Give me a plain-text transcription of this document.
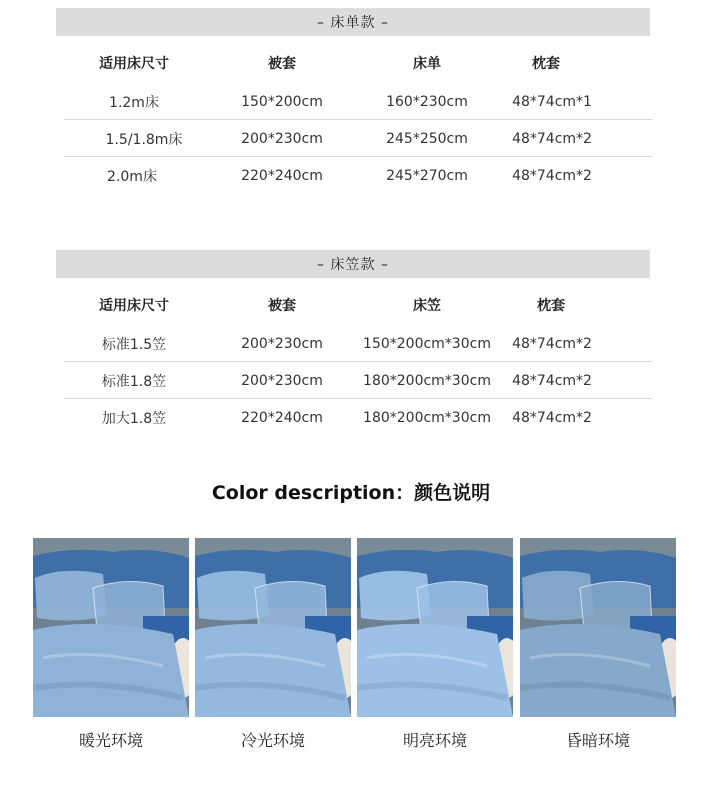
– 床单款 –
适用床尺寸	被套	床单	枕套
1.2m床	150*200cm	160*230cm	48*74cm*1
1.5/1.8m床	200*230cm	245*250cm	48*74cm*2
2.0m床	220*240cm	245*270cm	48*74cm*2
– 床笠款 –
适用床尺寸	被套	床笠	枕套
标准1.5笠	200*230cm	150*200cm*30cm 48*74cm*2
标准1.8笠	200*230cm	180*200cm*30cm 48*74cm*2
加大1.8笠	220*240cm	180*200cm*30cm 48*74cm*2
Color description：颜色说明
暖光环境	冷光环境	明亮环境	昏暗环境
